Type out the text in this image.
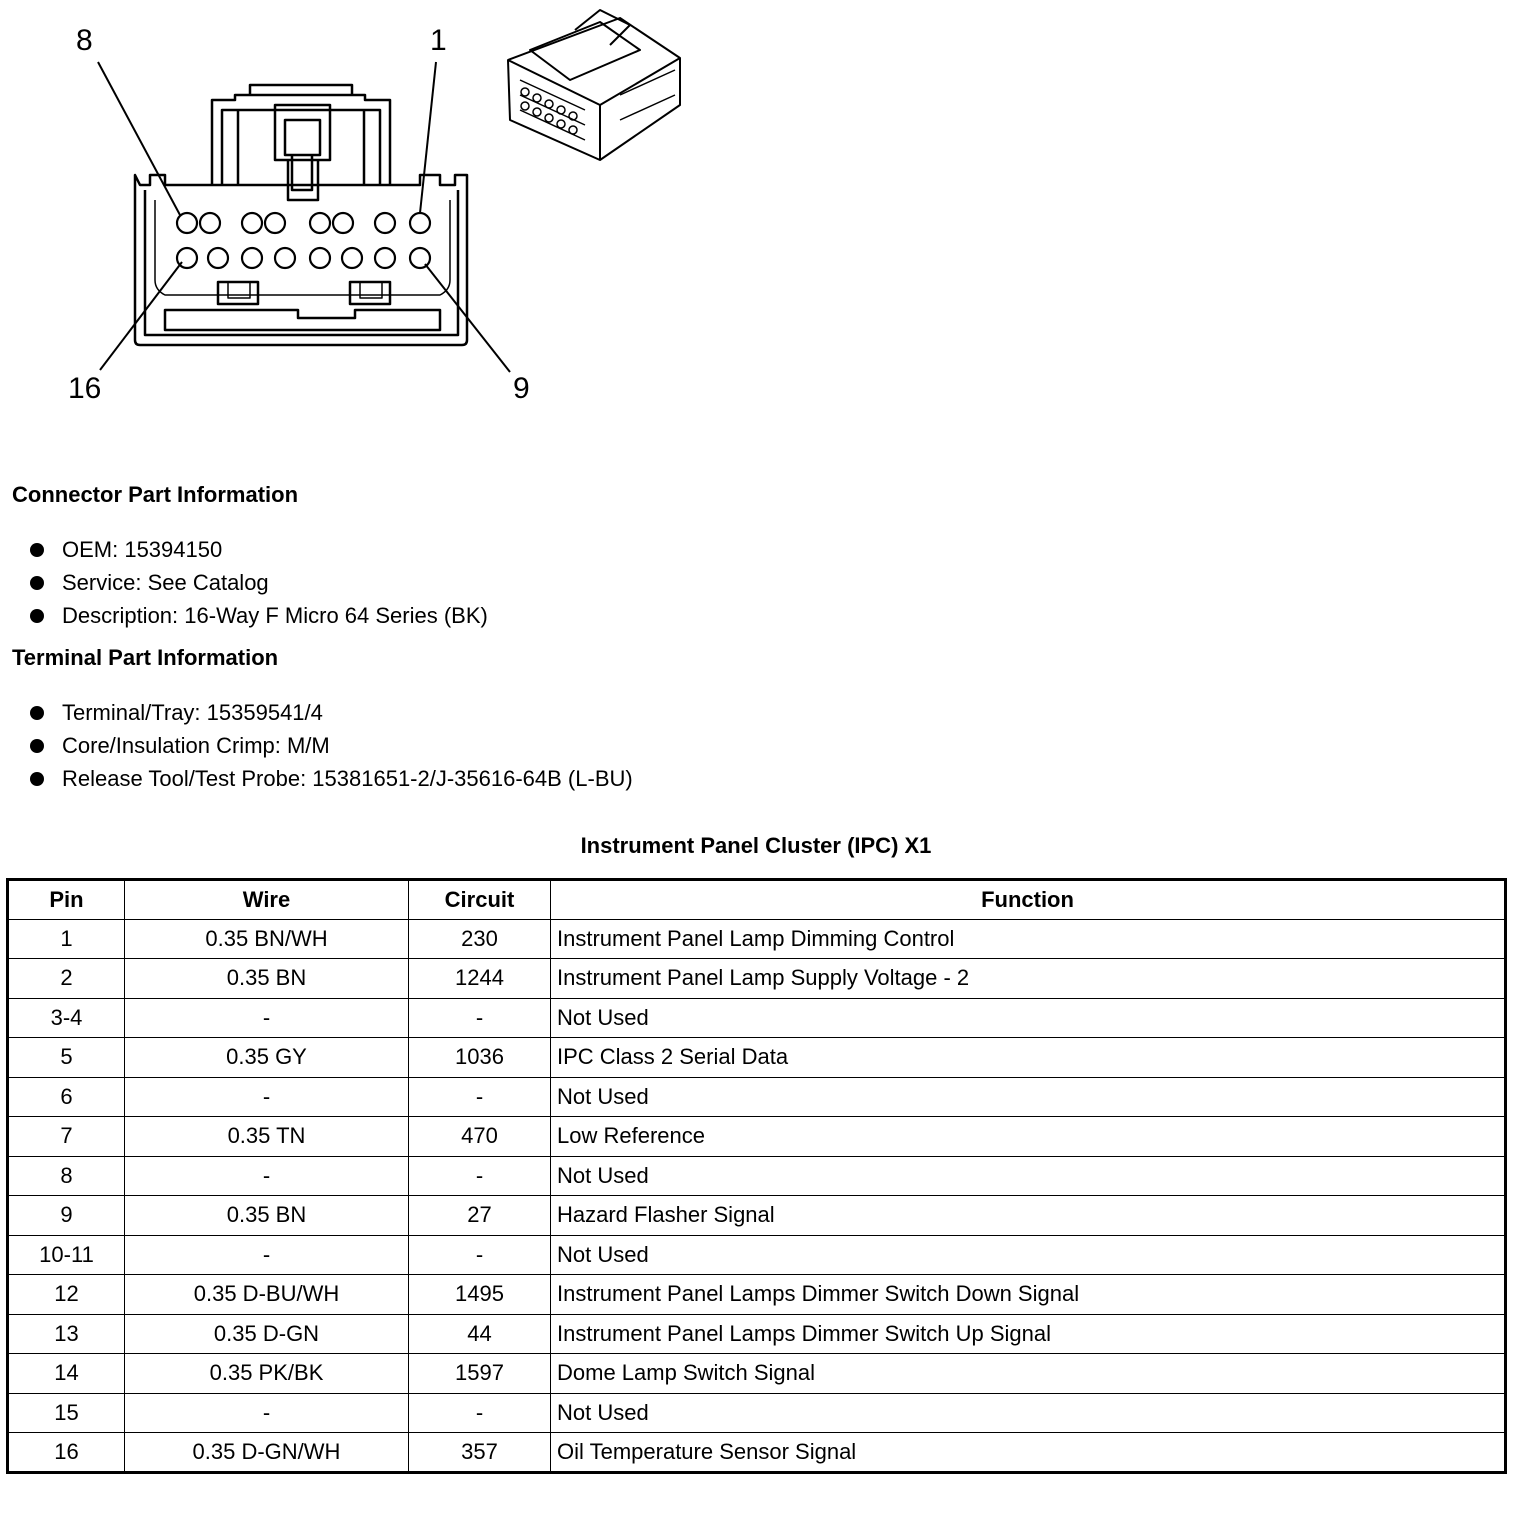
8	1
16	9
Connector Part Information
OEM: 15394150
Service: See Catalog
Description: 16-Way F Micro 64 Series (BK)
Terminal Part Information
Terminal/Tray: 15359541/4
Core/Insulation Crimp: M/M
Release Tool/Test Probe: 15381651-2/J-35616-64B (L-BU)
Instrument Panel Cluster (IPC) X1
Pin	Wire	Circuit	Function
1	0.35 BN/WH	230	Instrument Panel Lamp Dimming Control
2	0.35 BN	1244	Instrument Panel Lamp Supply Voltage - 2
3-4	-	-	Not Used
5	0.35 GY	1036	IPC Class 2 Serial Data
6	-	-	Not Used
7	0.35 TN	470	Low Reference
8	-	-	Not Used
9	0.35 BN	27	Hazard Flasher Signal
10-11	-	-	Not Used
12	0.35 D-BU/WH	1495	Instrument Panel Lamps Dimmer Switch Down Signal
13	0.35 D-GN	44	Instrument Panel Lamps Dimmer Switch Up Signal
14	0.35 PK/BK	1597	Dome Lamp Switch Signal
15	-	-	Not Used
16	0.35 D-GN/WH	357	Oil Temperature Sensor Signal
